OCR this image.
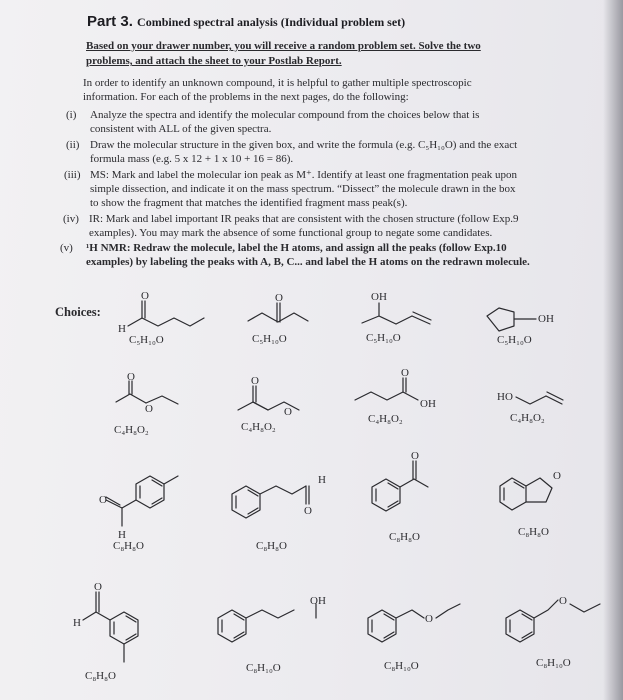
Part 3. Combined spectral analysis (Individual problem set)
Based on your drawer number, you will receive a random problem set. Solve the two
problems, and attach the sheet to your Postlab Report.
In order to identify an unknown compound, it is helpful to gather multiple spectroscopic information. For each of the problems in the next pages, do the following:
(i) Analyze the spectra and identify the molecular compound from the choices below that is consistent with ALL of the given spectra.
(ii) Draw the molecular structure in the given box, and write the formula (e.g. C₅H₁₀O) and the exact formula mass (e.g. 5 x 12 + 1 x 10 + 16 = 86).
(iii) MS: Mark and label the molecular ion peak as M⁺. Identify at least one fragmentation peak upon simple dissection, and indicate it on the mass spectrum. “Dissect” the molecule drawn in the box to show the fragment that matches the identified fragment mass peak(s).
(iv) IR: Mark and label important IR peaks that are consistent with the chosen structure (follow Exp.9 examples). You may mark the absence of some functional group to negate some candidates.
(v) ¹H NMR: Redraw the molecule, label the H atoms, and assign all the peaks (follow Exp.10 examples) by labeling the peaks with A, B, C... and label the H atoms on the redrawn molecule.
Choices:
O
H
O	OH
OH
O
O
O
O
O
OH
HO
O
H
H
O
O
O
O
H
OH
O
O
C₅H₁₀O	C₅H₁₀O	C₅H₁₀O	C₅H₁₀O
C₄H₈O₂	C₄H₈O₂
C₄H₈O₂	C₄H₈O₂
C₈H₈O	C₈H₈O
C₈H₈O	C₈H₈O
C₈H₈O
C₈H₁₀O	C₈H₁₀O	C₈H₁₀O
